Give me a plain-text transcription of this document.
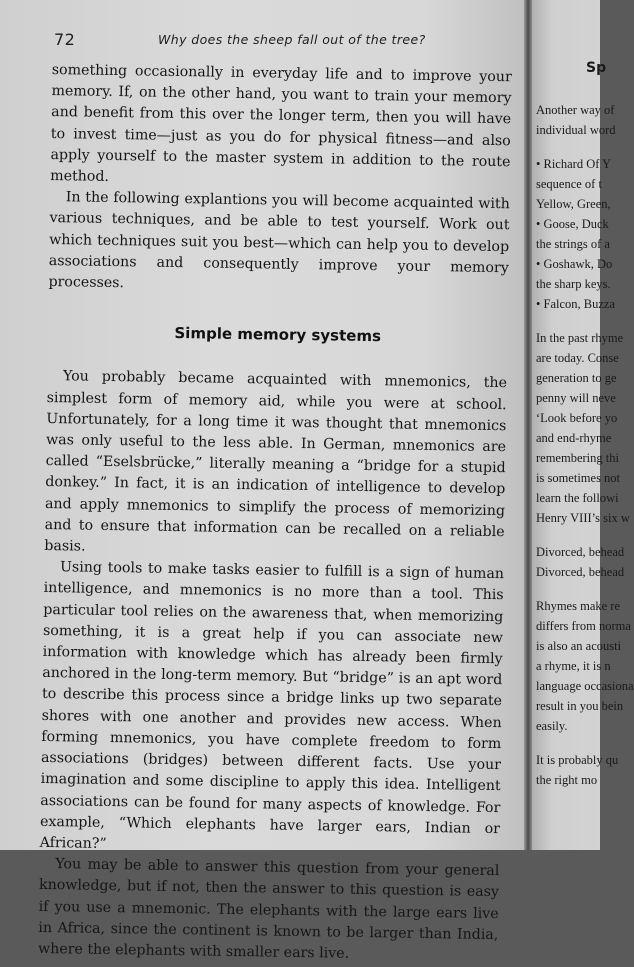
72	Why does the sheep fall out of the tree?

something occasionally in everyday life and to improve your memory. If, on the other hand, you want to train your memory and benefit from this over the longer term, then you will have to invest time—just as you do for physical fitness—and also apply yourself to the master system in addition to the route method.

In the following explantions you will become acquainted with various techniques, and be able to test yourself. Work out which techniques suit you best—which can help you to develop associations and consequently improve your memory processes.

Simple memory systems

You probably became acquainted with mnemonics, the simplest form of memory aid, while you were at school. Unfortunately, for a long time it was thought that mnemonics was only useful to the less able. In German, mnemonics are called “Eselsbrücke,” literally meaning a “bridge for a stupid donkey.” In fact, it is an indication of intelligence to develop and apply mnemonics to simplify the process of memorizing and to ensure that information can be recalled on a reliable basis.

Using tools to make tasks easier to fulfill is a sign of human intelligence, and mnemonics is no more than a tool. This particular tool relies on the awareness that, when memorizing something, it is a great help if you can associate new information with knowledge which has already been firmly anchored in the long-term memory. But “bridge” is an apt word to describe this process since a bridge links up two separate shores with one another and provides new access. When forming mnemonics, you have complete freedom to form associations (bridges) between different facts. Use your imagination and some discipline to apply this idea. Intelligent associations can be found for many aspects of knowledge. For example, “Which elephants have larger ears, Indian or African?”

You may be able to answer this question from your general knowledge, but if not, then the answer to this question is easy if you use a mnemonic. The elephants with the large ears live in Africa, since the continent is known to be larger than India, where the elephants with smaller ears live.

Sp
Another way of
individual word
• Richard Of Y
sequence of t
Yellow, Green,
• Goose, Duck
the strings of a
• Goshawk, Do
the sharp keys.
• Falcon, Buzza
In the past rhyme
are today. Conse
generation to ge
penny will neve
‘Look before yo
and end-rhyme
remembering thi
is sometimes not
learn the followi
Henry VIII’s six w
Divorced, behead
Divorced, behead
Rhymes make re
differs from norma
is also an acousti
a rhyme, it is n
language occasiona
result in you bein
easily.
It is probably qu
the right mo
